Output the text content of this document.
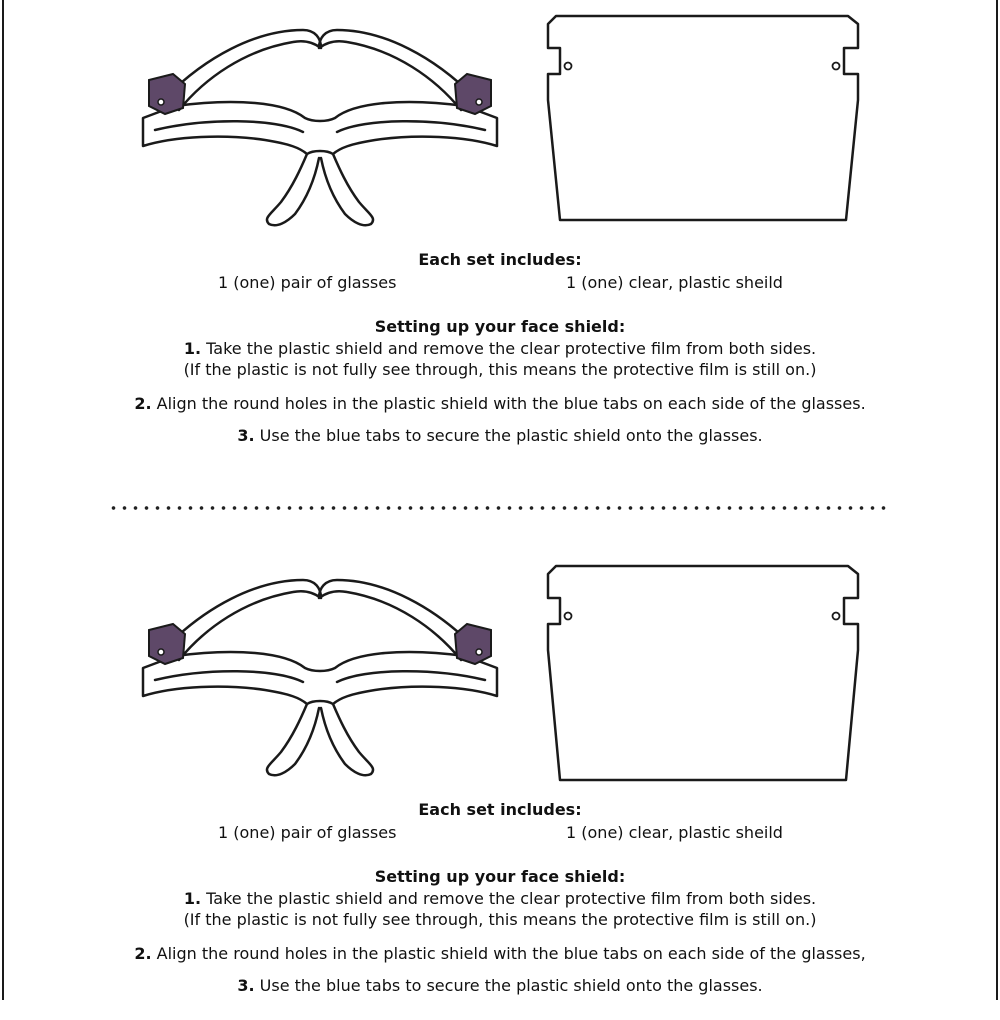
Each set includes:
1 (one) pair of glasses	1 (one) clear, plastic sheild
Setting up your face shield:
1. Take the plastic shield and remove the clear protective film from both sides.
(If the plastic is not fully see through, this means the protective film is still on.)
2. Align the round holes in the plastic shield with the blue tabs on each side of the glasses.
3. Use the blue tabs to secure the plastic shield onto the glasses.
Each set includes:
1 (one) pair of glasses	1 (one) clear, plastic sheild
Setting up your face shield:
1. Take the plastic shield and remove the clear protective film from both sides.
(If the plastic is not fully see through, this means the protective film is still on.)
2. Align the round holes in the plastic shield with the blue tabs on each side of the glasses,
3. Use the blue tabs to secure the plastic shield onto the glasses.
